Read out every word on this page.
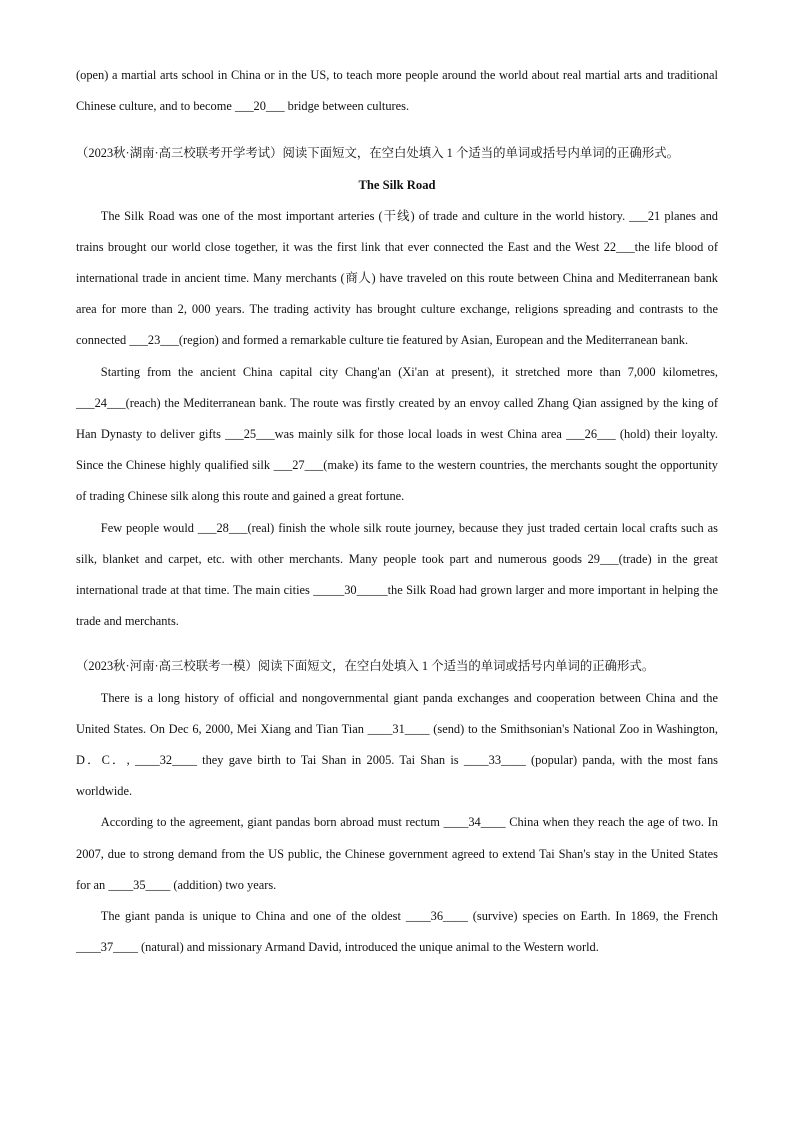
(open) a martial arts school in China or in the US, to teach more people around the world about real martial arts and traditional Chinese culture, and to become ___20___ bridge between cultures.

（2023秋·湖南·高三校联考开学考试）阅读下面短文，在空白处填入 1 个适当的单词或括号内单词的正确形式。

The Silk Road

The Silk Road was one of the most important arteries (干线) of trade and culture in the world history. ___21 planes and trains brought our world close together, it was the first link that ever connected the East and the West 22___the life blood of international trade in ancient time. Many merchants (商人) have traveled on this route between China and Mediterranean bank area for more than 2, 000 years. The trading activity has brought culture exchange, religions spreading and contrasts to the connected ___23___(region) and formed a remarkable culture tie featured by Asian, European and the Mediterranean bank.

Starting from the ancient China capital city Chang'an (Xi'an at present), it stretched more than 7,000 kilometres, ___24___(reach) the Mediterranean bank. The route was firstly created by an envoy called Zhang Qian assigned by the king of Han Dynasty to deliver gifts ___25___was mainly silk for those local loads in west China area ___26___ (hold) their loyalty. Since the Chinese highly qualified silk ___27___(make) its fame to the western countries, the merchants sought the opportunity of trading Chinese silk along this route and gained a great fortune.

Few people would ___28___(real) finish the whole silk route journey, because they just traded certain local crafts such as silk, blanket and carpet, etc. with other merchants. Many people took part and numerous goods 29___(trade) in the great international trade at that time. The main cities _____30_____the Silk Road had grown larger and more important in helping the trade and merchants.

（2023秋·河南·高三校联考一模）阅读下面短文，在空白处填入 1 个适当的单词或括号内单词的正确形式。

There is a long history of official and nongovernmental giant panda exchanges and cooperation between China and the United States. On Dec 6, 2000, Mei Xiang and Tian Tian ____31____ (send) to the Smithsonian's National Zoo in Washington, D．C．, ____32____ they gave birth to Tai Shan in 2005. Tai Shan is ____33____ (popular) panda, with the most fans worldwide.

According to the agreement, giant pandas born abroad must rectum ____34____ China when they reach the age of two. In 2007, due to strong demand from the US public, the Chinese government agreed to extend Tai Shan's stay in the United States for an ____35____ (addition) two years.

The giant panda is unique to China and one of the oldest ____36____ (survive) species on Earth. In 1869, the French ____37____ (natural) and missionary Armand David, introduced the unique animal to the Western world.
